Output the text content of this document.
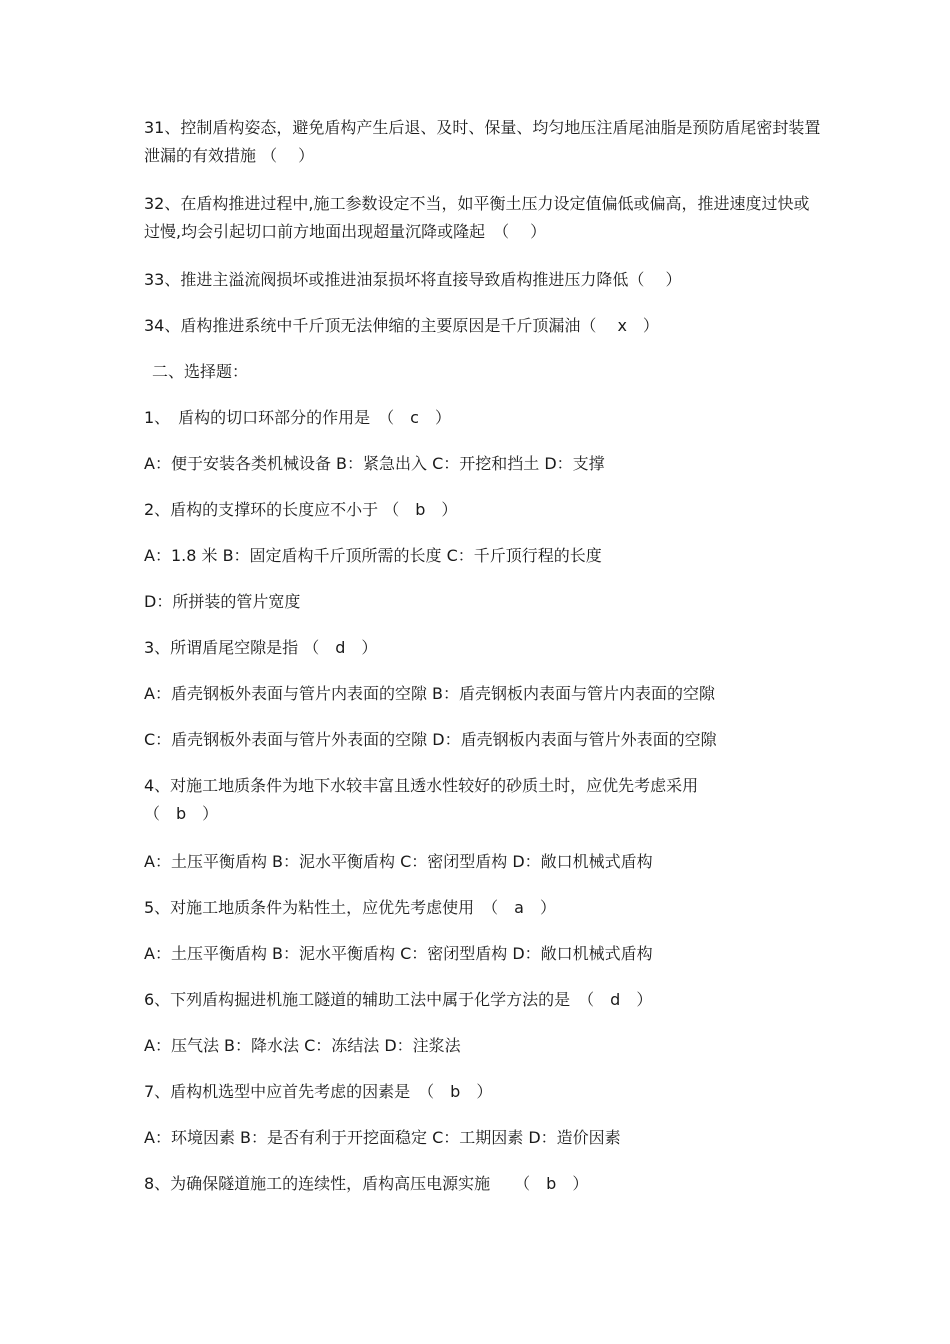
31、控制盾构姿态，避免盾构产生后退、及时、保量、均匀地压注盾尾油脂是预防盾尾密封装置泄漏的有效措施 （　 ）
32、在盾构推进过程中,施工参数设定不当，如平衡土压力设定值偏低或偏高，推进速度过快或过慢,均会引起切口前方地面出现超量沉降或隆起　（　 ）
33、推进主溢流阀损坏或推进油泵损坏将直接导致盾构推进压力降低（　 ）
34、盾构推进系统中千斤顶无法伸缩的主要原因是千斤顶漏油（　 x　）
二、选择题：
1、　盾构的切口环部分的作用是　（　c　）
A：便于安装各类机械设备 B：紧急出入 C：开挖和挡土 D：支撑
2、盾构的支撑环的长度应不小于 （　b　）
A：1.8 米 B：固定盾构千斤顶所需的长度 C：千斤顶行程的长度
D：所拼装的管片宽度
3、所谓盾尾空隙是指 （　d　）
A：盾壳钢板外表面与管片内表面的空隙 B：盾壳钢板内表面与管片内表面的空隙
C：盾壳钢板外表面与管片外表面的空隙 D：盾壳钢板内表面与管片外表面的空隙
4、对施工地质条件为地下水较丰富且透水性较好的砂质土时，应优先考虑采用
（　b　）
A：土压平衡盾构 B：泥水平衡盾构 C：密闭型盾构 D：敞口机械式盾构
5、对施工地质条件为粘性土，应优先考虑使用　（　a　）
A：土压平衡盾构 B：泥水平衡盾构 C：密闭型盾构 D：敞口机械式盾构
6、下列盾构掘进机施工隧道的辅助工法中属于化学方法的是　（　d　）
A：压气法 B：降水法 C：冻结法 D：注浆法
7、盾构机选型中应首先考虑的因素是　（　b　）
A：环境因素 B：是否有利于开挖面稳定 C：工期因素 D：造价因素
8、为确保隧道施工的连续性，盾构高压电源实施　　（　b　）
